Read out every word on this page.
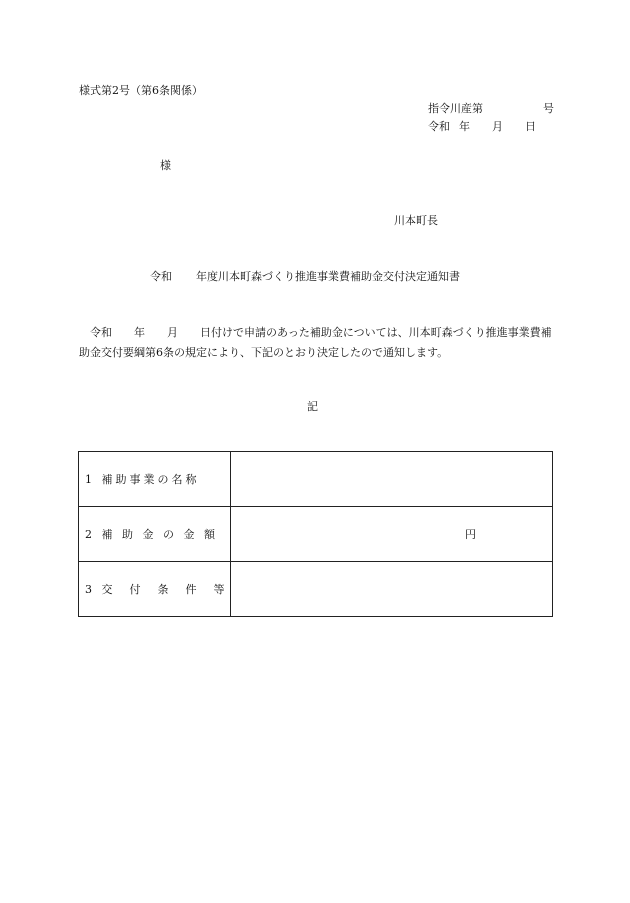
様式第2号（第6条関係）
指令川産第	号
令和 年 月 日
様
川本町長
令和 年度川本町森づくり推進事業費補助金交付決定通知書
令和 年 月 日付けで申請のあった補助金については、川本町森づくり推進事業費補助金交付要綱第6条の規定により、下記のとおり決定したので通知します。
記
1 補助事業の名称	
2 補 助 金 の 金 額	円
3 交　付　条　件　等	
